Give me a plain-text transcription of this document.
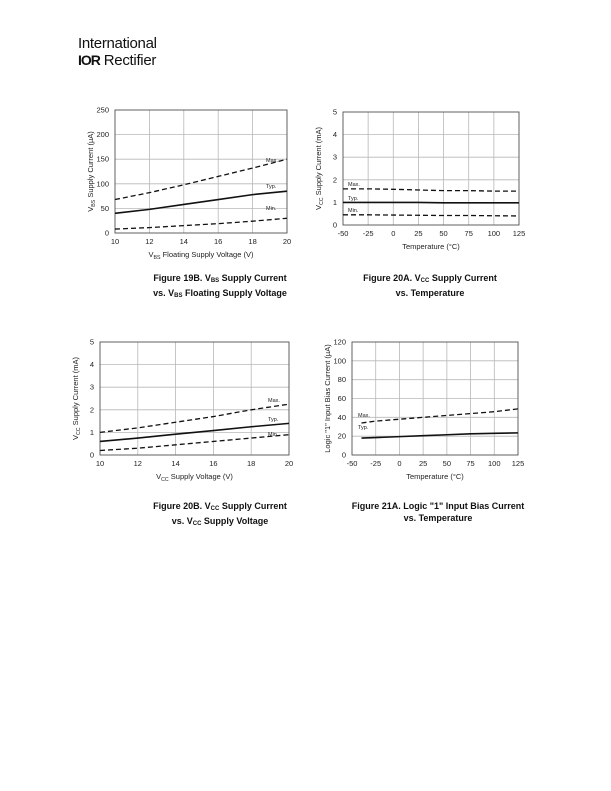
International
IOR Rectifier
10	12	14	16	18	20
0
50
100
150
200
250
$V_{BS}$ Floating Supply Voltage (V)
$V_{BS}$ Supply Current (µA)	Max.
Typ.
Min.
-50 -25 0	25 50 75 100 125
0
1
2
3
4
5
Temperature (°C)
$V_{CC}$ Supply Current (mA)	Max.
Typ.
Min.
10	12	14	16	18	20
0
1
2
3
4
5
$V_{CC}$ Supply Voltage (V)
$V_{CC}$ Supply Current (mA)	Max.
Typ.
Min.
-50 -25 0 25 50 75 100 125
0
20
40
60
80
100
120
Temperature (°C)
Logic "1" Input Bias Current (µA)	Max.
Typ.
Figure 19B. $V_{BS}$ Supply Current
vs. $V_{BS}$ Floating Supply Voltage
Figure 20A. $V_{CC}$ Supply Current
vs. Temperature
Figure 20B. $V_{CC}$ Supply Current
vs. $V_{CC}$ Supply Voltage
Figure 21A. Logic "1" Input Bias Current
vs. Temperature
